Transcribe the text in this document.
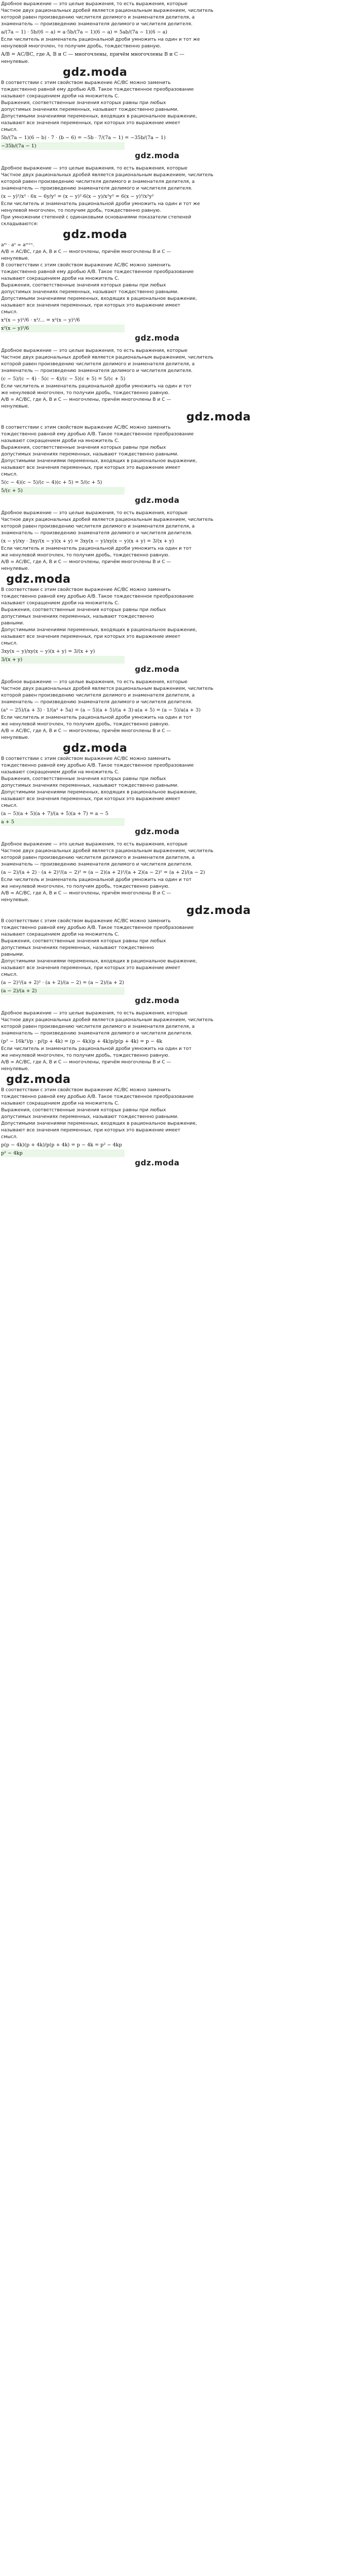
Дробное выражение — это целые выражения, то есть выражения, которые

Частное двух рациональных дробей является рациональным выражением, числитель

которой равен произведению числителя делимого и знаменателя делителя, а

знаменатель — произведению знаменателя делимого и числителя делителя.

a/(7a − 1) · 5b/(6 − a) = a·5b/(7a − 1)(6 − a) = 5ab/(7a − 1)(6 − a)

Если числитель и знаменатель рациональной дроби умножить на один и тот же

ненулевой многочлен, то получим дробь, тождественно равную.

A/B = AC/BC, где A, B и C — многочлены, причём многочлены B и C —

ненулевые.

gdz.moda

В соответствии с этим свойством выражение AC/BC можно заменить

тождественно равной ему дробью A/B. Такое тождественное преобразование

называют сокращением дроби на множитель C.

Выражения, соответственные значения которых равны при любых

допустимых значениях переменных, называют тождественно равными.

Допустимыми значениями переменных, входящих в рациональное выражение,

называют все значения переменных, при которых это выражение имеет

смысл.

5b/(7a − 1)(6 − b) · 7 · (b − 6) = −5b · 7/(7a − 1) = −35b/(7a − 1)

−35b/(7a − 1)
gdz.moda

Дробное выражение — это целые выражения, то есть выражения, которые

Частное двух рациональных дробей является рациональным выражением, числитель

которой равен произведению числителя делимого и знаменателя делителя, а

знаменатель — произведению знаменателя делимого и числителя делителя.

(x − y)²/x² · 6x − 6y/y² = (x − y)²·6(x − y)/x²y² = 6(x − y)³/x²y²

Если числитель и знаменатель рациональной дроби умножить на один и тот же

ненулевой многочлен, то получим дробь, тождественно равную.

При умножении степеней с одинаковыми основаниями показатели степеней

складываются:

gdz.moda

aᵐ · aⁿ = aᵐ⁺ⁿ.

A/B = AC/BC, где A, B и C — многочлены, причём многочлены B и C —

ненулевые.

В соответствии с этим свойством выражение AC/BC можно заменить

тождественно равной ему дробью A/B. Такое тождественное преобразование

называют сокращением дроби на множитель C.

Выражения, соответственные значения которых равны при любых

допустимых значениях переменных, называют тождественно равными.

Допустимыми значениями переменных, входящих в рациональное выражение,

называют все значения переменных, при которых это выражение имеет

смысл.

x²(x − y)²/6 · x²/... = x²(x − y)²/6

x²(x − y)²/6
gdz.moda

Дробное выражение — это целые выражения, то есть выражения, которые

Частное двух рациональных дробей является рациональным выражением, числитель

которой равен произведению числителя делимого и знаменателя делителя, а

знаменатель — произведению знаменателя делимого и числителя делителя.

(c − 5)/(c − 4) · 5(c − 4)/(c − 5)(c + 5) = 5/(c + 5)

Если числитель и знаменатель рациональной дроби умножить на один и тот

же ненулевой многочлен, то получим дробь, тождественно равную.

A/B = AC/BC, где A, B и C — многочлены, причём многочлены B и C —

ненулевые.

gdz.moda

В соответствии с этим свойством выражение AC/BC можно заменить

тождественно равной ему дробью A/B. Такое тождественное преобразование

называют сокращением дроби на множитель C.

Выражения, соответственные значения которых равны при любых

допустимых значениях переменных, называют тождественно равными.

Допустимыми значениями переменных, входящих в рациональное выражение,

называют все значения переменных, при которых это выражение имеет

смысл.

5(c − 4)(c − 5)/(c − 4)(c + 5) = 5/(c + 5)

5/(c + 5)
gdz.moda

Дробное выражение — это целые выражения, то есть выражения, которые

Частное двух рациональных дробей является рациональным выражением, числитель

которой равен произведению числителя делимого и знаменателя делителя, а

знаменатель — произведению знаменателя делимого и числителя делителя.

(x − y)/xy · 3xy/(x − y)(x + y) = 3xy(x − y)/xy(x − y)(x + y) = 3/(x + y)

Если числитель и знаменатель рациональной дроби умножить на один и тот

же ненулевой многочлен, то получим дробь, тождественно равную.

A/B = AC/BC, где A, B и C — многочлены, причём многочлены B и C —

ненулевые.

gdz.moda

В соответствии с этим свойством выражение AC/BC можно заменить

тождественно равной ему дробью A/B. Такое тождественное преобразование

называют сокращением дроби на множитель C.

Выражения, соответственные значения которых равны при любых

допустимых значениях переменных, называют тождественно

равными.

Допустимыми значениями переменных, входящих в рациональное выражение,

называют все значения переменных, при которых это выражение имеет

смысл.

3xy(x − y)/xy(x − y)(x + y) = 3/(x + y)

3/(x + y)
gdz.moda

Дробное выражение — это целые выражения, то есть выражения, которые

Частное двух рациональных дробей является рациональным выражением, числитель

которой равен произведению числителя делимого и знаменателя делителя, а

знаменатель — произведению знаменателя делимого и числителя делителя.

(a² − 25)/(a + 3) · 1/(a² + 5a) = (a − 5)(a + 5)/(a + 3)·a(a + 5) = (a − 5)/a(a + 3)

Если числитель и знаменатель рациональной дроби умножить на один и тот

же ненулевой многочлен, то получим дробь, тождественно равную.

A/B = AC/BC, где A, B и C — многочлены, причём многочлены B и C —

ненулевые.

gdz.moda

В соответствии с этим свойством выражение AC/BC можно заменить

тождественно равной ему дробью A/B. Такое тождественное преобразование

называют сокращением дроби на множитель C.

Выражения, соответственные значения которых равны при любых

допустимых значениях переменных, называют тождественно равными.

Допустимыми значениями переменных, входящих в рациональное выражение,

называют все значения переменных, при которых это выражение имеет

смысл.

(a − 5)(a + 5)(a + 7)/(a + 5)(a + 7) = a − 5

a + 5
gdz.moda

Дробное выражение — это целые выражения, то есть выражения, которые

Частное двух рациональных дробей является рациональным выражением, числитель

которой равен произведению числителя делимого и знаменателя делителя, а

знаменатель — произведению знаменателя делимого и числителя делителя.

(a − 2)/(a + 2) · (a + 2)²/(a − 2)² = (a − 2)(a + 2)²/(a + 2)(a − 2)² = (a + 2)/(a − 2)

Если числитель и знаменатель рациональной дроби умножить на один и тот

же ненулевой многочлен, то получим дробь, тождественно равную.

A/B = AC/BC, где A, B и C — многочлены, причём многочлены B и C —

ненулевые.

gdz.moda

В соответствии с этим свойством выражение AC/BC можно заменить

тождественно равной ему дробью A/B. Такое тождественное преобразование

называют сокращением дроби на множитель C.

Выражения, соответственные значения которых равны при любых

допустимых значениях переменных, называют тождественно

равными.

Допустимыми значениями переменных, входящих в рациональное выражение,

называют все значения переменных, при которых это выражение имеет

смысл.

(a − 2)²/(a + 2)² · (a + 2)/(a − 2) = (a − 2)/(a + 2)

(a − 2)/(a + 2)
gdz.moda

Дробное выражение — это целые выражения, то есть выражения, которые

Частное двух рациональных дробей является рациональным выражением, числитель

которой равен произведению числителя делимого и знаменателя делителя, а

знаменатель — произведению знаменателя делимого и числителя делителя.

(p² − 16k²)/p · p/(p + 4k) = (p − 4k)(p + 4k)p/p(p + 4k) = p − 4k

Если числитель и знаменатель рациональной дроби умножить на один и тот

же ненулевой многочлен, то получим дробь, тождественно равную.

A/B = AC/BC, где A, B и C — многочлены, причём многочлены B и C —

ненулевые.

gdz.moda

В соответствии с этим свойством выражение AC/BC можно заменить

тождественно равной ему дробью A/B. Такое тождественное преобразование

называют сокращением дроби на множитель C.

Выражения, соответственные значения которых равны при любых

допустимых значениях переменных, называют тождественно равными.

Допустимыми значениями переменных, входящих в рациональное выражение,

называют все значения переменных, при которых это выражение имеет

смысл.

p(p − 4k)(p + 4k)/p(p + 4k) = p − 4k = p² − 4kp

p² − 4kp
gdz.moda
